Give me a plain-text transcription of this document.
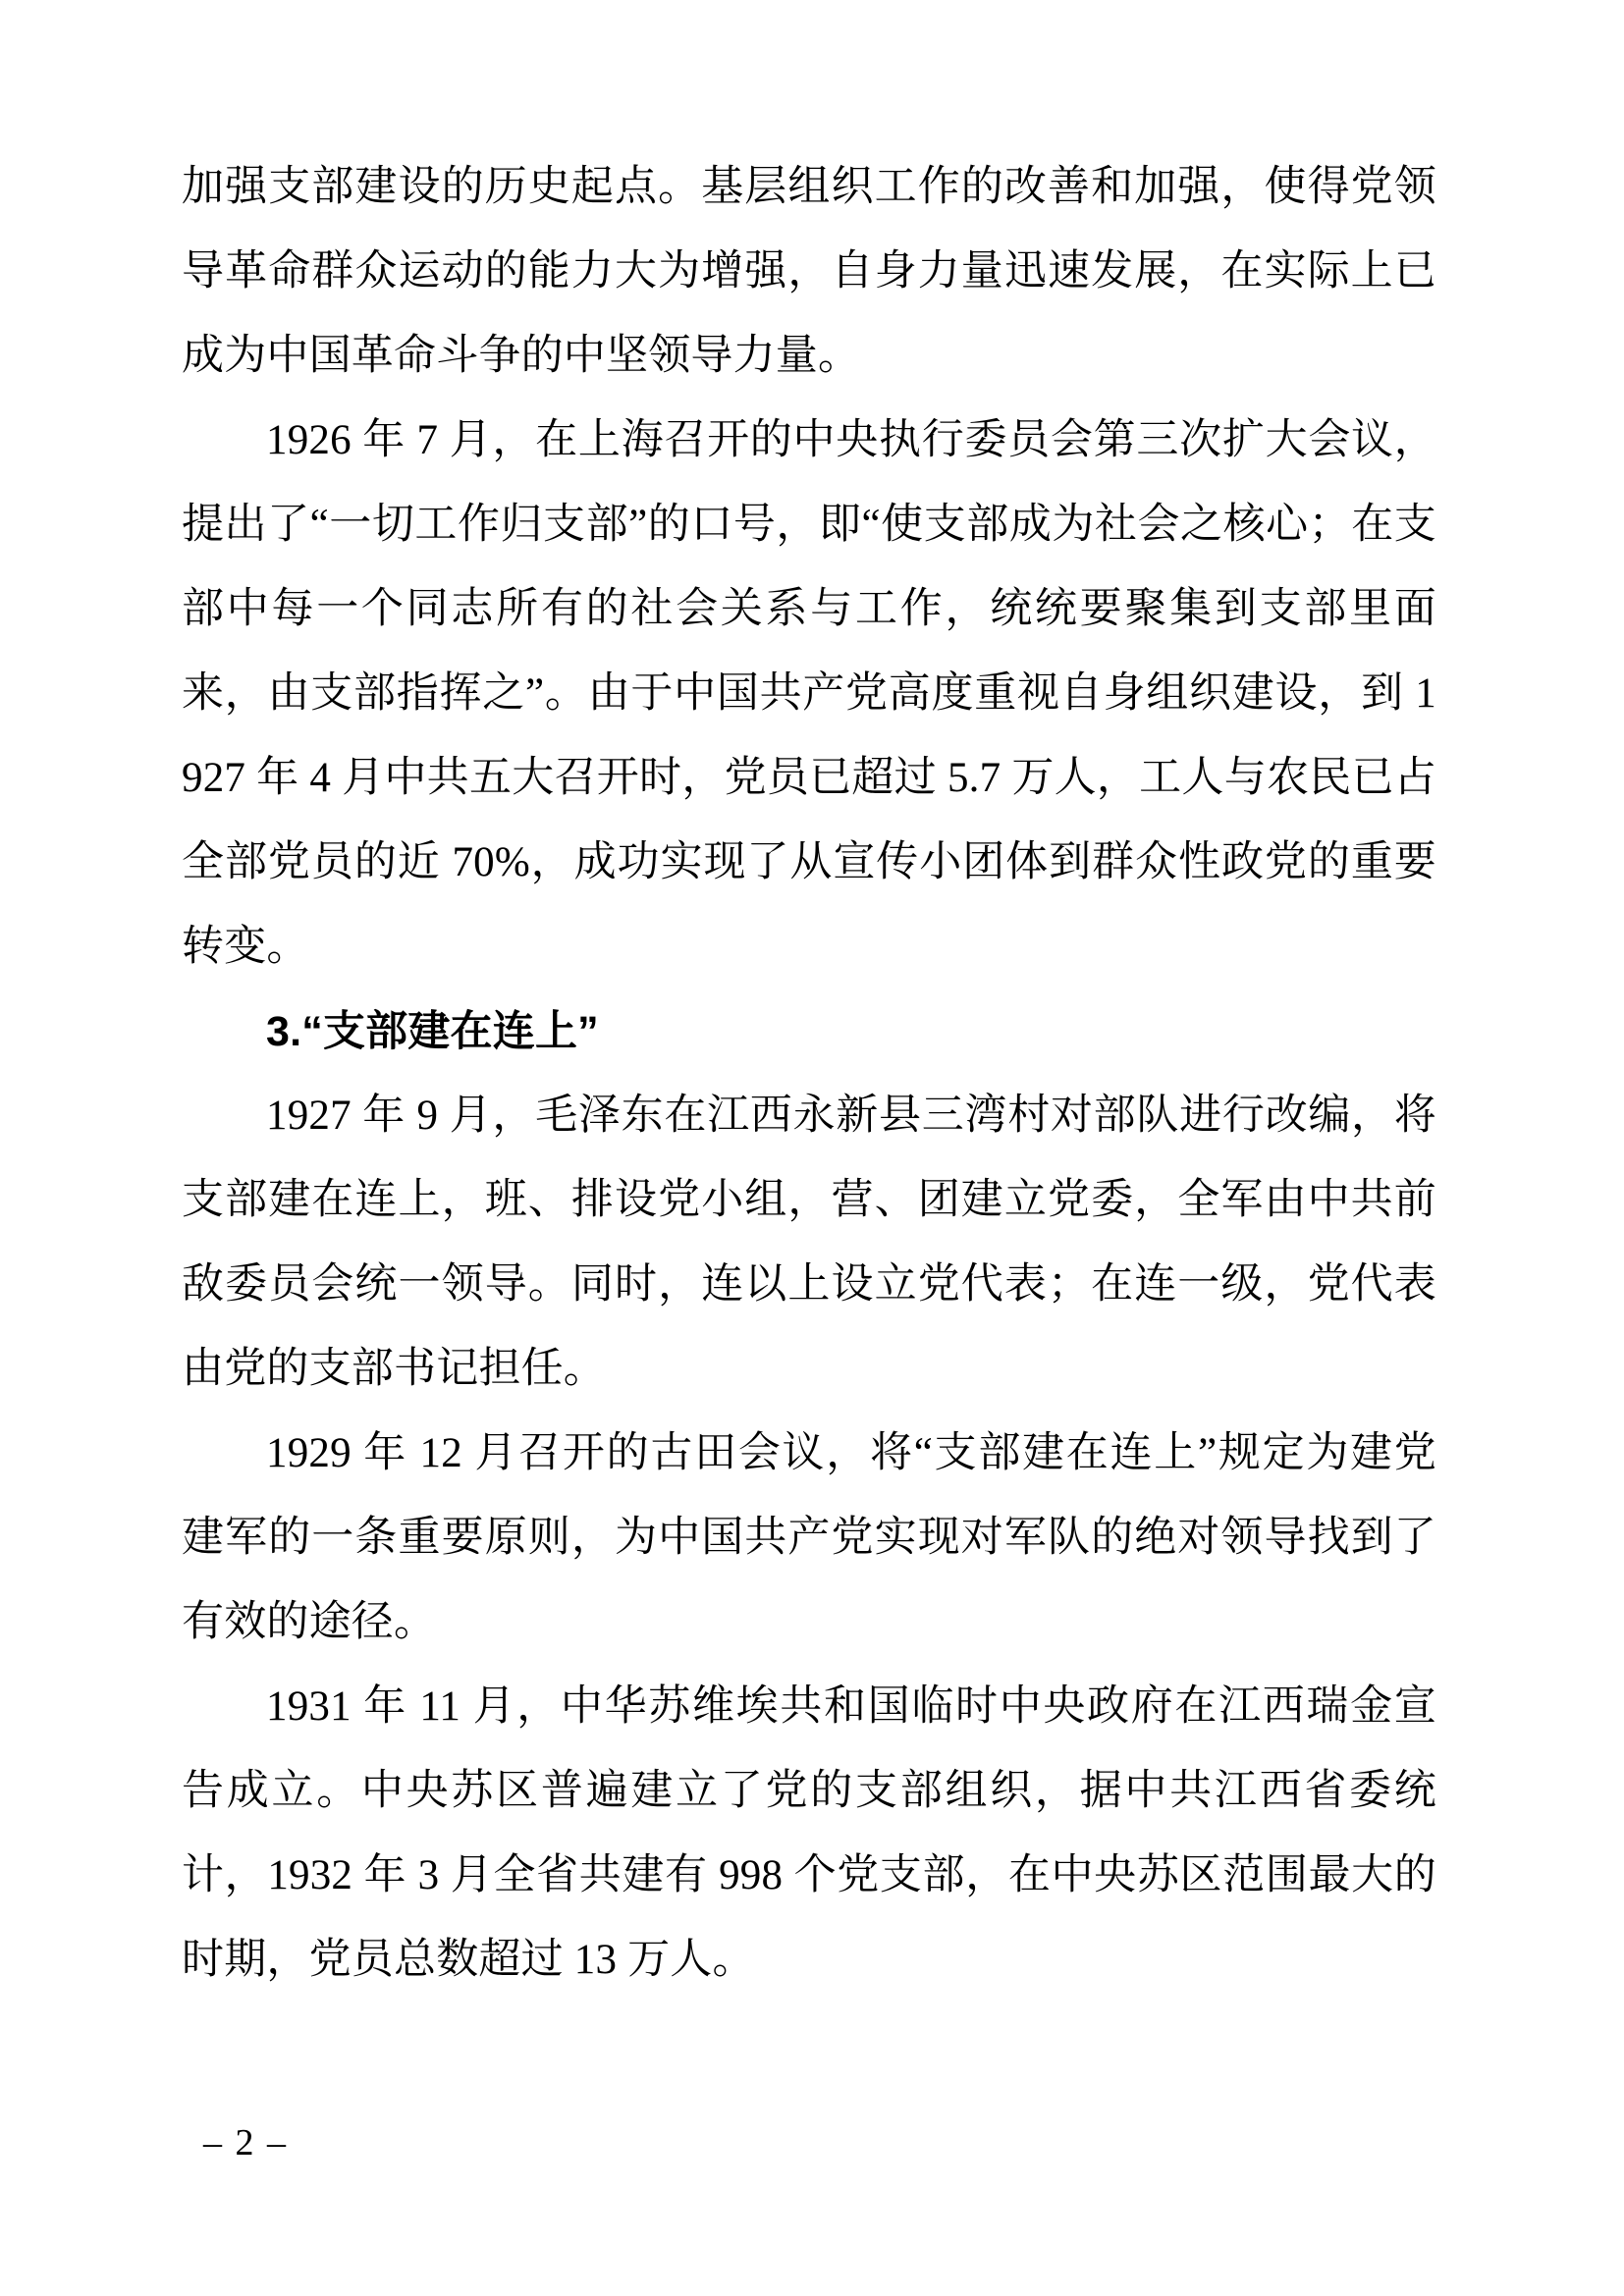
加强支部建设的历史起点。基层组织工作的改善和加强，使得党领导革命群众运动的能力大为增强，自身力量迅速发展，在实际上已成为中国革命斗争的中坚领导力量。

1926 年 7 月，在上海召开的中央执行委员会第三次扩大会议，提出了“一切工作归支部”的口号，即“使支部成为社会之核心；在支部中每一个同志所有的社会关系与工作，统统要聚集到支部里面来，由支部指挥之”。由于中国共产党高度重视自身组织建设，到 1927 年 4 月中共五大召开时，党员已超过 5.7 万人，工人与农民已占全部党员的近 70%，成功实现了从宣传小团体到群众性政党的重要转变。

3.“支部建在连上”

1927 年 9 月，毛泽东在江西永新县三湾村对部队进行改编，将支部建在连上，班、排设党小组，营、团建立党委，全军由中共前敌委员会统一领导。同时，连以上设立党代表；在连一级，党代表由党的支部书记担任。

1929 年 12 月召开的古田会议，将“支部建在连上”规定为建党建军的一条重要原则，为中国共产党实现对军队的绝对领导找到了有效的途径。

1931 年 11 月，中华苏维埃共和国临时中央政府在江西瑞金宣告成立。中央苏区普遍建立了党的支部组织，据中共江西省委统计，1932 年 3 月全省共建有 998 个党支部，在中央苏区范围最大的时期，党员总数超过 13 万人。

– 2 –
